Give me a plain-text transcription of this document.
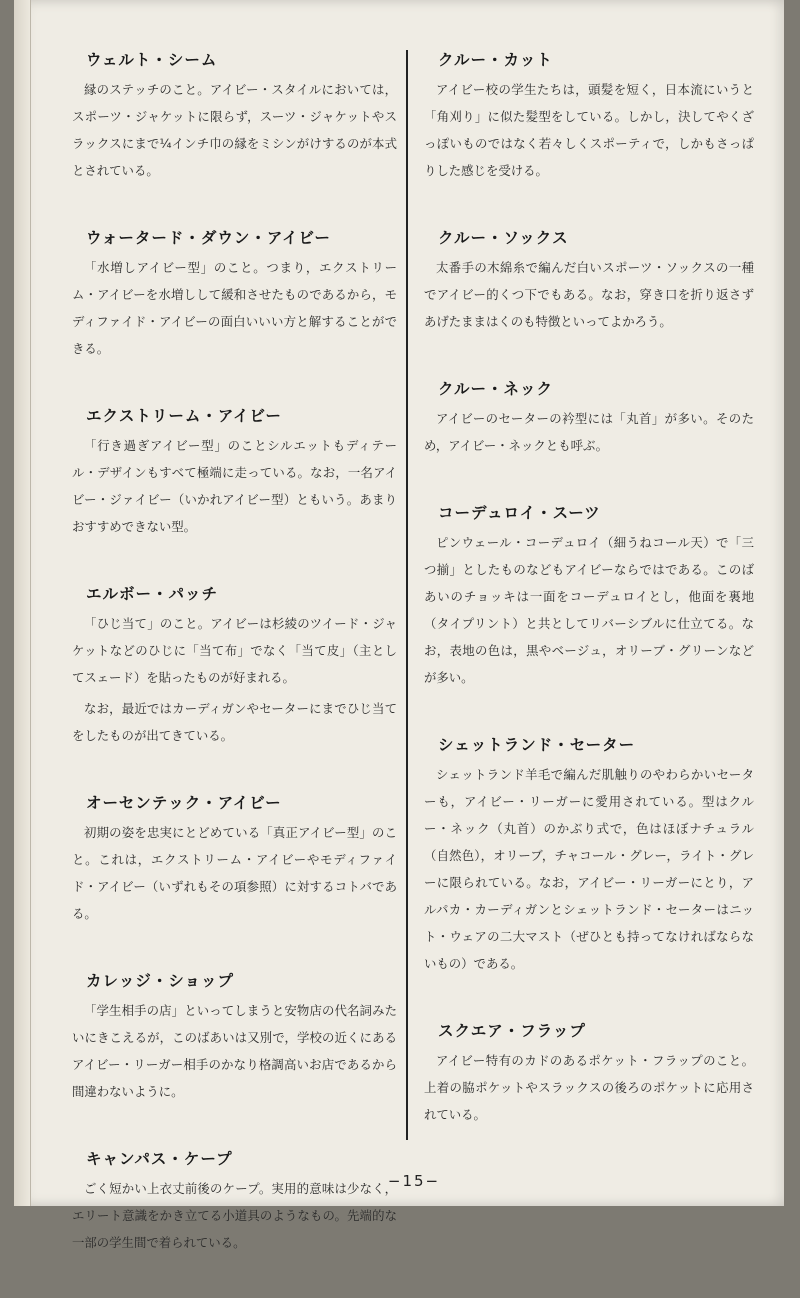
ウェルト・シーム

縁のステッチのこと。アイビー・スタイルにおいては，スポーツ・ジャケットに限らず，スーツ・ジャケットやスラックスにまで¼インチ巾の縁をミシンがけするのが本式とされている。

ウォータード・ダウン・アイビー

「水増しアイビー型」のこと。つまり，エクストリーム・アイビーを水増しして緩和させたものであるから，モディファイド・アイビーの面白いいい方と解することができる。

エクストリーム・アイビー

「行き過ぎアイビー型」のことシルエットもディテール・デザインもすべて極端に走っている。なお，一名アイビー・ジァイビー（いかれアイビー型）ともいう。あまりおすすめできない型。

エルボー・パッチ

「ひじ当て」のこと。アイビーは杉綾のツイード・ジャケットなどのひじに「当て布」でなく「当て皮」（主としてスェード）を貼ったものが好まれる。

なお，最近ではカーディガンやセーターにまでひじ当てをしたものが出てきている。

オーセンテック・アイビー

初期の姿を忠実にとどめている「真正アイビー型」のこと。これは，エクストリーム・アイビーやモディファイド・アイビー（いずれもその項参照）に対するコトバである。

カレッジ・ショップ

「学生相手の店」といってしまうと安物店の代名詞みたいにきこえるが，このばあいは又別で，学校の近くにあるアイビー・リーガー相手のかなり格調高いお店であるから間違わないように。

キャンパス・ケープ

ごく短かい上衣丈前後のケープ。実用的意味は少なく，エリート意識をかき立てる小道具のようなもの。先端的な一部の学生間で着られている。

クルー・カット

アイビー校の学生たちは，頭髪を短く，日本流にいうと「角刈り」に似た髪型をしている。しかし，決してやくざっぽいものではなく若々しくスポーティで，しかもさっぱりした感じを受ける。

クルー・ソックス

太番手の木綿糸で編んだ白いスポーツ・ソックスの一種でアイビー的くつ下でもある。なお，穿き口を折り返さずあげたままはくのも特徴といってよかろう。

クルー・ネック

アイビーのセーターの衿型には「丸首」が多い。そのため，アイビー・ネックとも呼ぶ。

コーデュロイ・スーツ

ピンウェール・コーデュロイ（細うねコール天）で「三つ揃」としたものなどもアイビーならではである。このばあいのチョッキは一面をコーデュロイとし，他面を裏地（タイプリント）と共としてリバーシブルに仕立てる。なお，表地の色は，黒やベージュ，オリーブ・グリーンなどが多い。

シェットランド・セーター

シェットランド羊毛で編んだ肌触りのやわらかいセーターも，アイビー・リーガーに愛用されている。型はクルー・ネック（丸首）のかぶり式で，色はほぼナチュラル（自然色），オリーブ，チャコール・グレー，ライト・グレーに限られている。なお，アイビー・リーガーにとり，アルパカ・カーディガンとシェットランド・セーターはニット・ウェアの二大マスト（ぜひとも持ってなければならないもの）である。

スクエア・フラップ

アイビー特有のカドのあるポケット・フラップのこと。上着の脇ポケットやスラックスの後ろのポケットに応用されている。

−15−
